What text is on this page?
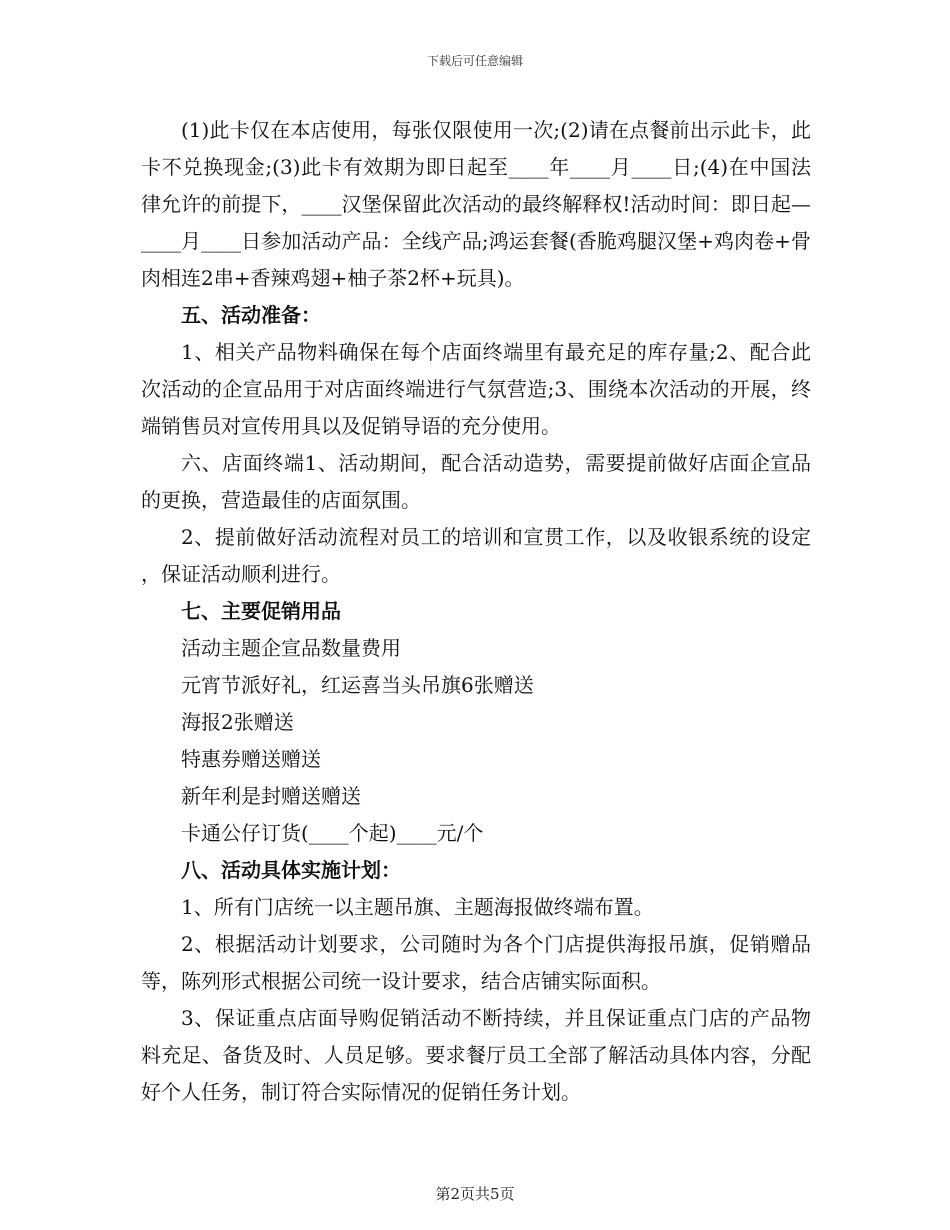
下载后可任意编辑

(1)此卡仅在本店使用，每张仅限使用一次;(2)请在点餐前出示此卡，此卡不兑换现金;(3)此卡有效期为即日起至____年____月____日;(4)在中国法律允许的前提下，____汉堡保留此次活动的最终解释权!活动时间：即日起—____月____日参加活动产品：全线产品;鸿运套餐(香脆鸡腿汉堡+鸡肉卷+骨肉相连2串+香辣鸡翅+柚子茶2杯+玩具)。

五、活动准备：

1、相关产品物料确保在每个店面终端里有最充足的库存量;2、配合此次活动的企宣品用于对店面终端进行气氛营造;3、围绕本次活动的开展，终端销售员对宣传用具以及促销导语的充分使用。

六、店面终端1、活动期间，配合活动造势，需要提前做好店面企宣品的更换，营造最佳的店面氛围。

2、提前做好活动流程对员工的培训和宣贯工作，以及收银系统的设定，保证活动顺利进行。

七、主要促销用品

活动主题企宣品数量费用

元宵节派好礼，红运喜当头吊旗6张赠送

海报2张赠送

特惠券赠送赠送

新年利是封赠送赠送

卡通公仔订货(____个起)____元/个

八、活动具体实施计划：

1、所有门店统一以主题吊旗、主题海报做终端布置。

2、根据活动计划要求，公司随时为各个门店提供海报吊旗，促销赠品等，陈列形式根据公司统一设计要求，结合店铺实际面积。

3、保证重点店面导购促销活动不断持续，并且保证重点门店的产品物料充足、备货及时、人员足够。要求餐厅员工全部了解活动具体内容，分配好个人任务，制订符合实际情况的促销任务计划。

第2页共5页
